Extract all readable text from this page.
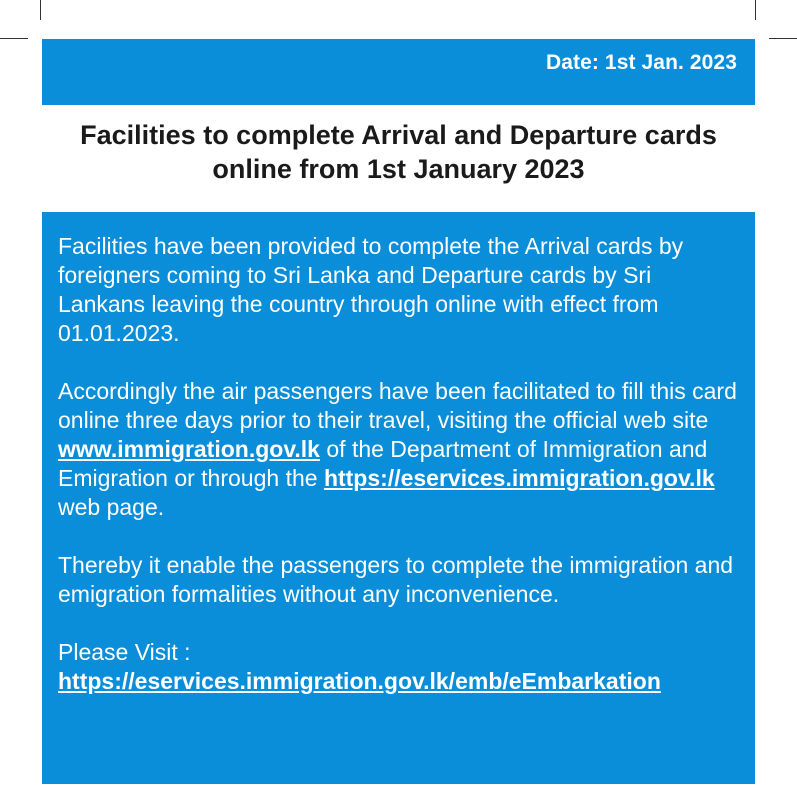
Date: 1st Jan. 2023
Facilities to complete Arrival and Departure cards
online from 1st January 2023

Facilities have been provided to complete the Arrival cards by foreigners coming to Sri Lanka and Departure cards by Sri Lankans leaving the country through online with effect from 01.01.2023.

Accordingly the air passengers have been facilitated to fill this card online three days prior to their travel, visiting the official web site www.immigration.gov.lk of the Department of Immigration and Emigration or through the https://eservices.immigration.gov.lk web page.

Thereby it enable the passengers to complete the immigration and emigration formalities without any inconvenience.

Please Visit :
https://eservices.immigration.gov.lk/emb/eEmbarkation
